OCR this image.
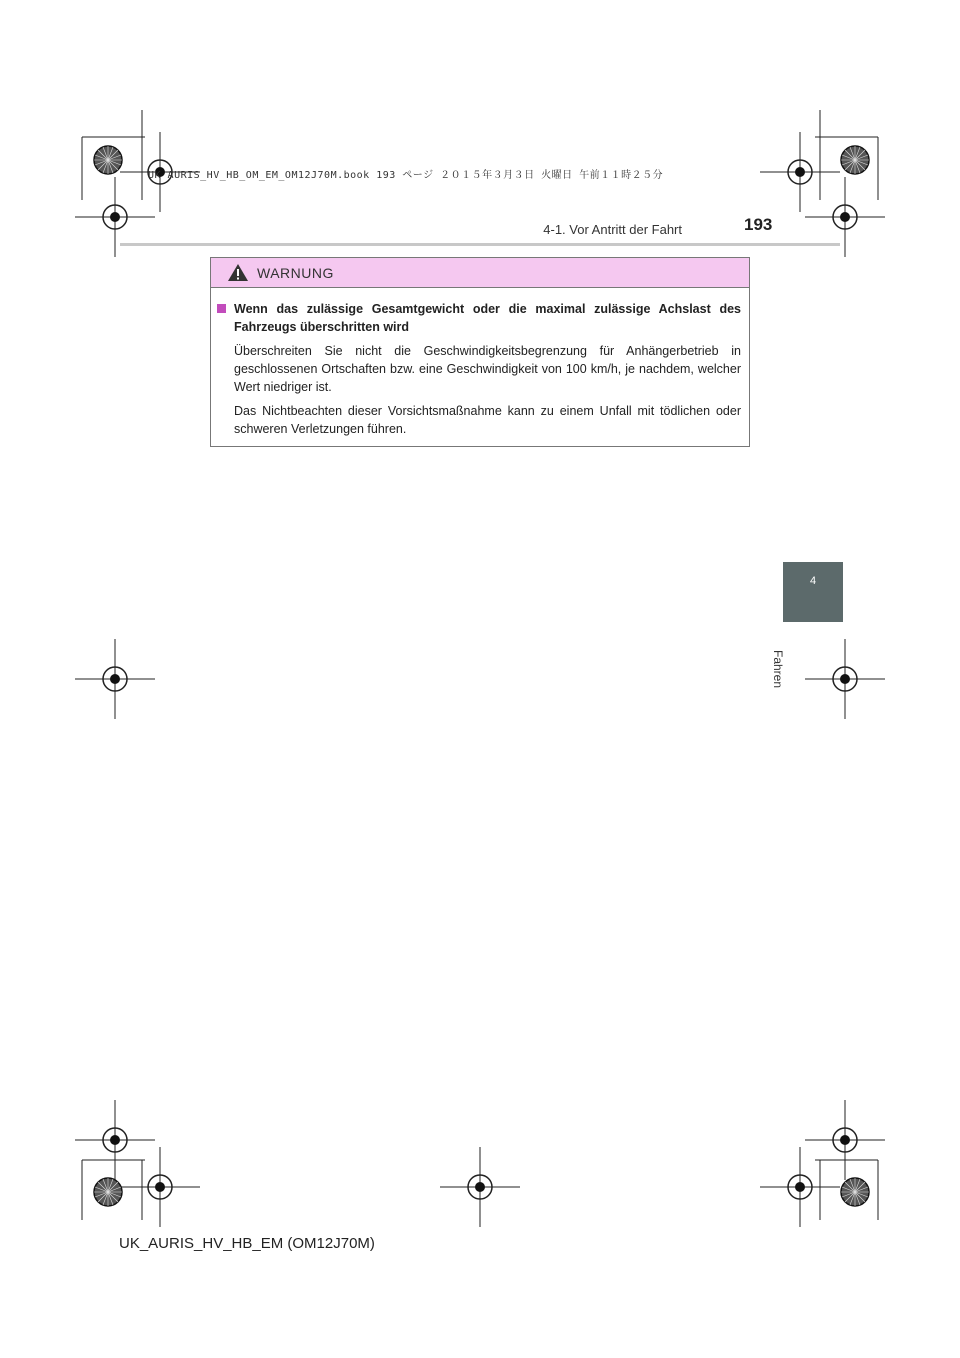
UK AURIS_HV_HB_OM_EM_OM12J70M.book 193 ページ ２０１５年３月３日 火曜日 午前１１時２５分
4-1. Vor Antritt der Fahrt	193
WARNUNG
Wenn das zulässige Gesamtgewicht oder die maximal zulässige Achslast des Fahrzeugs überschritten wird

Überschreiten Sie nicht die Geschwindigkeitsbegrenzung für Anhängerbetrieb in geschlossenen Ortschaften bzw. eine Geschwindigkeit von 100 km/h, je nachdem, welcher Wert niedriger ist.

Das Nichtbeachten dieser Vorsichtsmaßnahme kann zu einem Unfall mit tödlichen oder schweren Verletzungen führen.

4
Fahren
UK_AURIS_HV_HB_EM (OM12J70M)
